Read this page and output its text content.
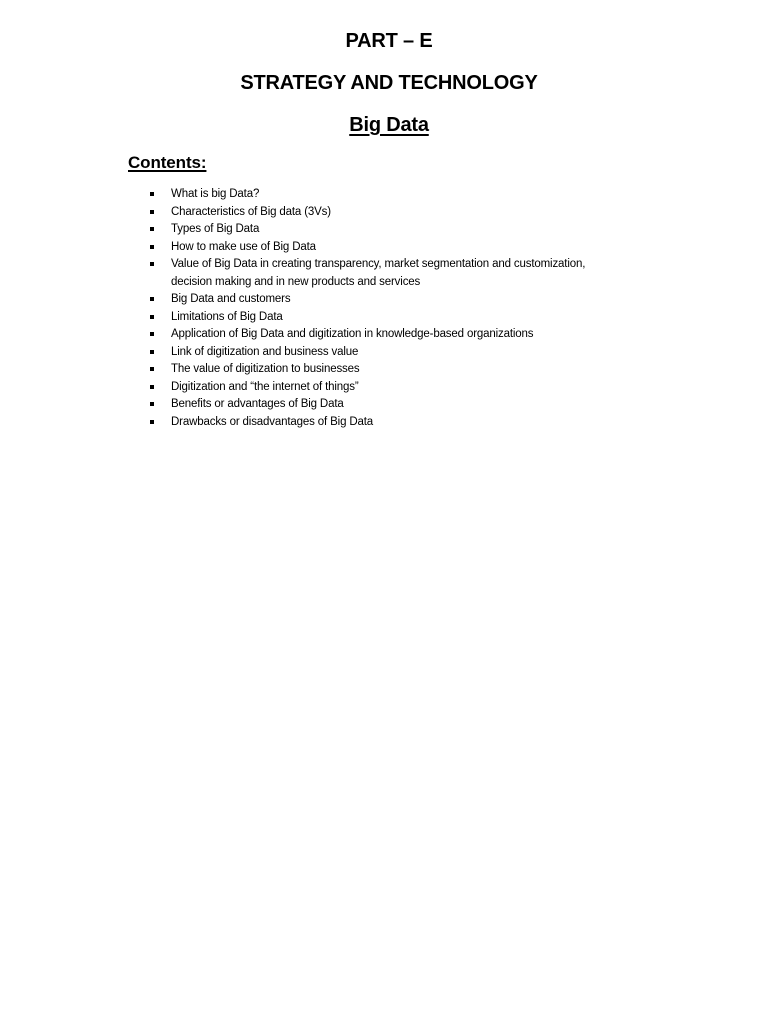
PART – E
STRATEGY AND TECHNOLOGY
Big Data
Contents:
What is big Data?
Characteristics of Big data (3Vs)
Types of Big Data
How to make use of Big Data
Value of Big Data in creating transparency, market segmentation and customization, decision making and in new products and services
Big Data and customers
Limitations of Big Data
Application of Big Data and digitization in knowledge-based organizations
Link of digitization and business value
The value of digitization to businesses
Digitization and “the internet of things”
Benefits or advantages of Big Data
Drawbacks or disadvantages of Big Data
